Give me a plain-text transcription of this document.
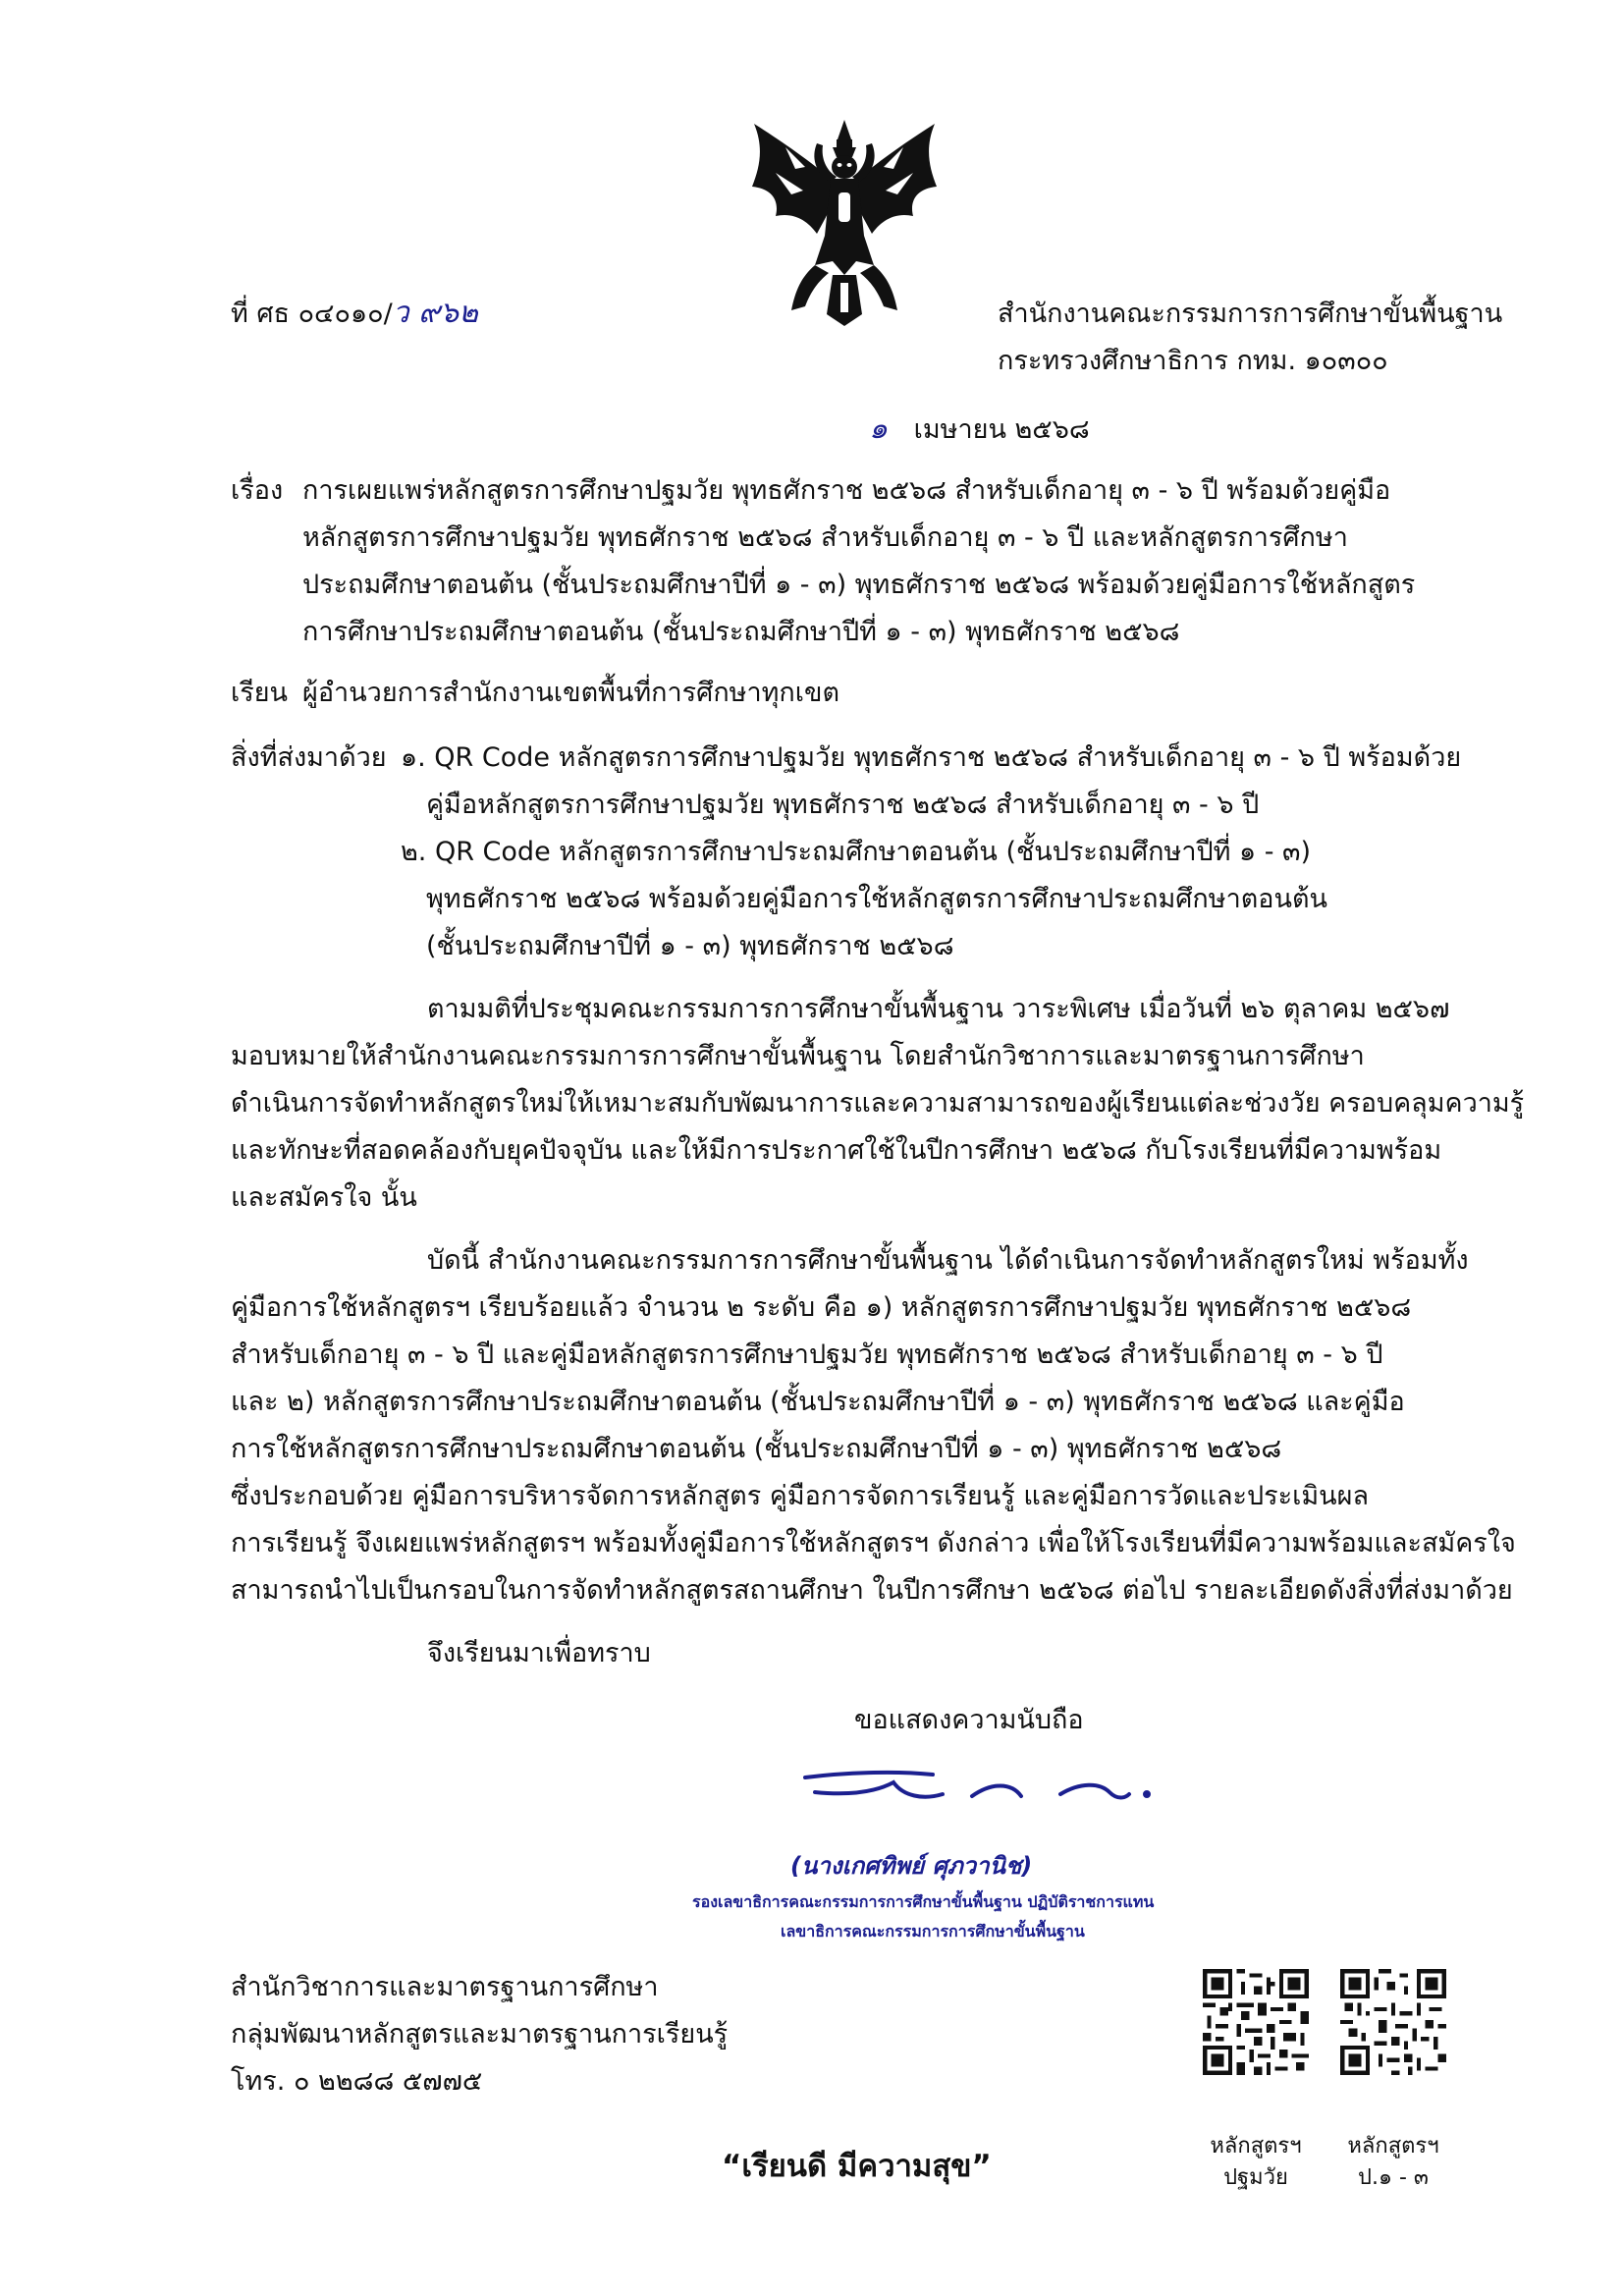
ที่ ศธ ๐๔๐๑๐/ว ๙๖๒	สำนักงานคณะกรรมการการศึกษาขั้นพื้นฐาน
กระทรวงศึกษาธิการ กทม. ๑๐๓๐๐
๑ เมษายน ๒๕๖๘
เรื่อง การเผยแพร่หลักสูตรการศึกษาปฐมวัย พุทธศักราช ๒๕๖๘ สำหรับเด็กอายุ ๓ - ๖ ปี พร้อมด้วยคู่มือ
หลักสูตรการศึกษาปฐมวัย พุทธศักราช ๒๕๖๘ สำหรับเด็กอายุ ๓ - ๖ ปี และหลักสูตรการศึกษา
ประถมศึกษาตอนต้น (ชั้นประถมศึกษาปีที่ ๑ - ๓) พุทธศักราช ๒๕๖๘ พร้อมด้วยคู่มือการใช้หลักสูตร
การศึกษาประถมศึกษาตอนต้น (ชั้นประถมศึกษาปีที่ ๑ - ๓) พุทธศักราช ๒๕๖๘
เรียน ผู้อำนวยการสำนักงานเขตพื้นที่การศึกษาทุกเขต
สิ่งที่ส่งมาด้วย ๑. QR Code หลักสูตรการศึกษาปฐมวัย พุทธศักราช ๒๕๖๘ สำหรับเด็กอายุ ๓ - ๖ ปี พร้อมด้วย
คู่มือหลักสูตรการศึกษาปฐมวัย พุทธศักราช ๒๕๖๘ สำหรับเด็กอายุ ๓ - ๖ ปี
๒. QR Code หลักสูตรการศึกษาประถมศึกษาตอนต้น (ชั้นประถมศึกษาปีที่ ๑ - ๓)
พุทธศักราช ๒๕๖๘ พร้อมด้วยคู่มือการใช้หลักสูตรการศึกษาประถมศึกษาตอนต้น
(ชั้นประถมศึกษาปีที่ ๑ - ๓) พุทธศักราช ๒๕๖๘
ตามมติที่ประชุมคณะกรรมการการศึกษาขั้นพื้นฐาน วาระพิเศษ เมื่อวันที่ ๒๖ ตุลาคม ๒๕๖๗
มอบหมายให้สำนักงานคณะกรรมการการศึกษาขั้นพื้นฐาน โดยสำนักวิชาการและมาตรฐานการศึกษา
ดำเนินการจัดทำหลักสูตรใหม่ให้เหมาะสมกับพัฒนาการและความสามารถของผู้เรียนแต่ละช่วงวัย ครอบคลุมความรู้
และทักษะที่สอดคล้องกับยุคปัจจุบัน และให้มีการประกาศใช้ในปีการศึกษา ๒๕๖๘ กับโรงเรียนที่มีความพร้อม
และสมัครใจ นั้น
บัดนี้ สำนักงานคณะกรรมการการศึกษาขั้นพื้นฐาน ได้ดำเนินการจัดทำหลักสูตรใหม่ พร้อมทั้ง
คู่มือการใช้หลักสูตรฯ เรียบร้อยแล้ว จำนวน ๒ ระดับ คือ ๑) หลักสูตรการศึกษาปฐมวัย พุทธศักราช ๒๕๖๘
สำหรับเด็กอายุ ๓ - ๖ ปี และคู่มือหลักสูตรการศึกษาปฐมวัย พุทธศักราช ๒๕๖๘ สำหรับเด็กอายุ ๓ - ๖ ปี
และ ๒) หลักสูตรการศึกษาประถมศึกษาตอนต้น (ชั้นประถมศึกษาปีที่ ๑ - ๓) พุทธศักราช ๒๕๖๘ และคู่มือ
การใช้หลักสูตรการศึกษาประถมศึกษาตอนต้น (ชั้นประถมศึกษาปีที่ ๑ - ๓) พุทธศักราช ๒๕๖๘
ซึ่งประกอบด้วย คู่มือการบริหารจัดการหลักสูตร คู่มือการจัดการเรียนรู้ และคู่มือการวัดและประเมินผล
การเรียนรู้ จึงเผยแพร่หลักสูตรฯ พร้อมทั้งคู่มือการใช้หลักสูตรฯ ดังกล่าว เพื่อให้โรงเรียนที่มีความพร้อมและสมัครใจ
สามารถนำไปเป็นกรอบในการจัดทำหลักสูตรสถานศึกษา ในปีการศึกษา ๒๕๖๘ ต่อไป รายละเอียดดังสิ่งที่ส่งมาด้วย
จึงเรียนมาเพื่อทราบ
ขอแสดงความนับถือ
(นางเกศทิพย์ ศุภวานิช)
รองเลขาธิการคณะกรรมการการศึกษาขั้นพื้นฐาน ปฏิบัติราชการแทน
เลขาธิการคณะกรรมการการศึกษาขั้นพื้นฐาน
สำนักวิชาการและมาตรฐานการศึกษา
กลุ่มพัฒนาหลักสูตรและมาตรฐานการเรียนรู้
โทร. ๐ ๒๒๘๘ ๕๗๗๕
“เรียนดี มีความสุข”
หลักสูตรฯ
ปฐมวัย
หลักสูตรฯ
ป.๑ - ๓
